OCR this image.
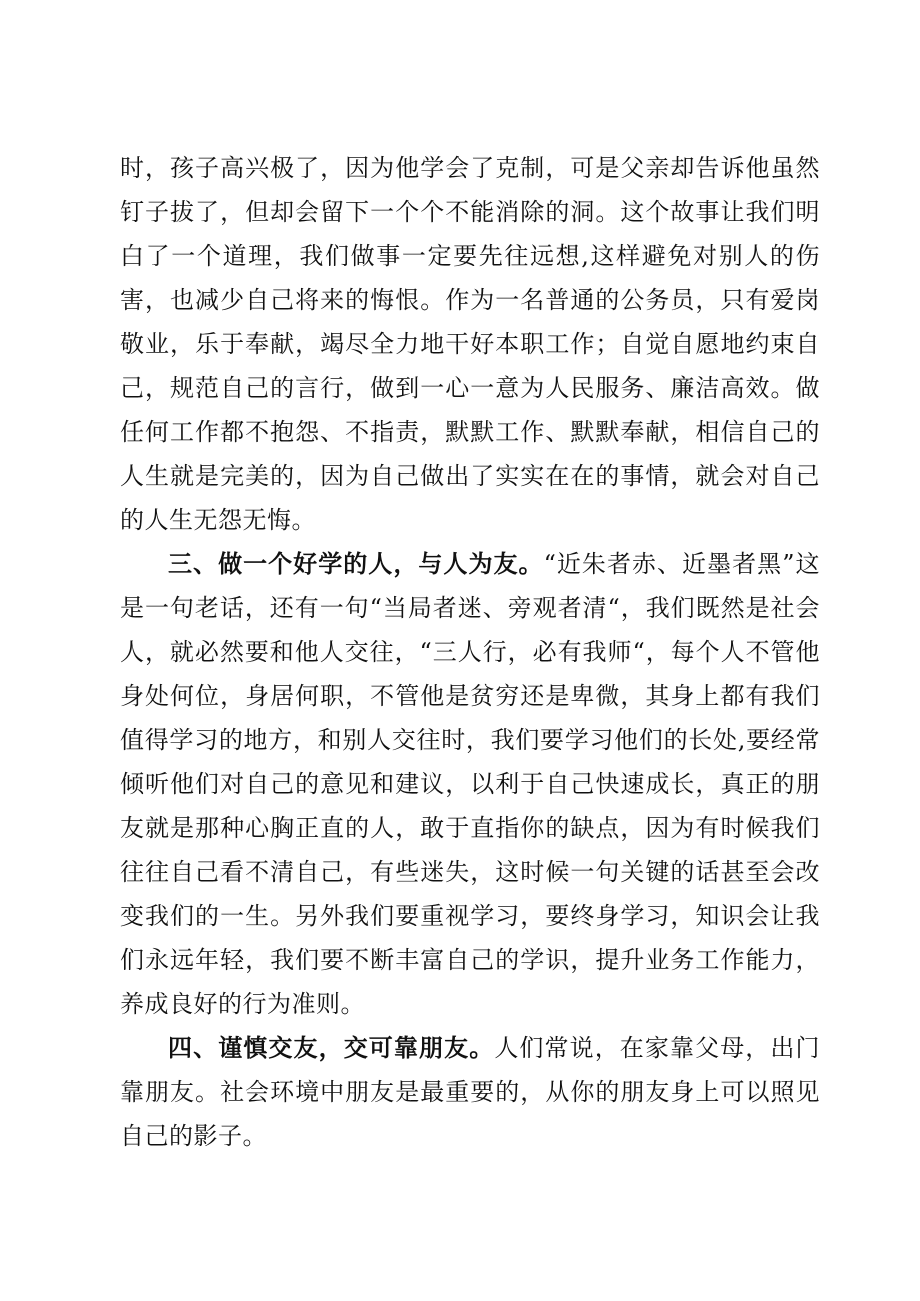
时，孩子高兴极了，因为他学会了克制，可是父亲却告诉他虽然钉子拔了，但却会留下一个个不能消除的洞。这个故事让我们明白了一个道理，我们做事一定要先往远想,这样避免对别人的伤害，也减少自己将来的悔恨。作为一名普通的公务员，只有爱岗敬业，乐于奉献，竭尽全力地干好本职工作；自觉自愿地约束自己，规范自己的言行，做到一心一意为人民服务、廉洁高效。做任何工作都不抱怨、不指责，默默工作、默默奉献，相信自己的人生就是完美的，因为自己做出了实实在在的事情，就会对自己的人生无怨无悔。

三、做一个好学的人，与人为友。“近朱者赤、近墨者黑”这是一句老话，还有一句“当局者迷、旁观者清“，我们既然是社会人，就必然要和他人交往，“三人行，必有我师“，每个人不管他身处何位，身居何职，不管他是贫穷还是卑微，其身上都有我们值得学习的地方，和别人交往时，我们要学习他们的长处,要经常倾听他们对自己的意见和建议，以利于自己快速成长，真正的朋友就是那种心胸正直的人，敢于直指你的缺点，因为有时候我们往往自己看不清自己，有些迷失，这时候一句关键的话甚至会改变我们的一生。另外我们要重视学习，要终身学习，知识会让我们永远年轻，我们要不断丰富自己的学识，提升业务工作能力，养成良好的行为准则。

四、谨慎交友，交可靠朋友。人们常说，在家靠父母，出门靠朋友。社会环境中朋友是最重要的，从你的朋友身上可以照见自己的影子。
